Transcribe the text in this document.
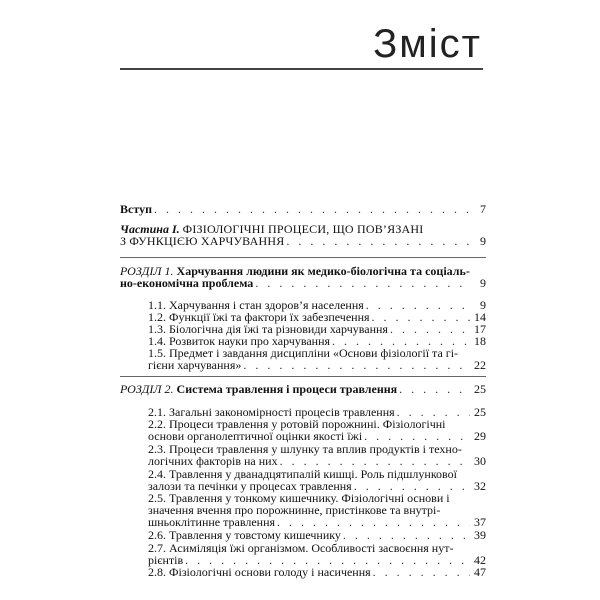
Зміст
Вступ . . .	7
Частина І. ФІЗІОЛОГІЧНІ ПРОЦЕСИ, ЩО ПОВ’ЯЗАНІ
З ФУНКЦІЄЮ ХАРЧУВАННЯ . . .	9
РОЗДІЛ 1. Харчування людини як медико-біологічна та соціаль-
но-економічна проблема . . .	9
1.1. Харчування і стан здоров’я населення . . .	9
1.2. Функції їжі та фактори їх забезпечення . . .	14
1.3. Біологічна дія їжі та різновиди харчування . . .	17
1.4. Розвиток науки про харчування . . .	18
1.5. Предмет і завдання дисципліни «Основи фізіології та гі-
гієни харчування» . . .	22
РОЗДІЛ 2. Система травлення і процеси травлення . . .	25
2.1. Загальні закономірності процесів травлення . . .	25
2.2. Процеси травлення у ротовій порожнині. Фізіологічні
основи органолептичної оцінки якості їжі . . .	29
2.3. Процеси травлення у шлунку та вплив продуктів і техно-
логічних факторів на них . . .	30
2.4. Травлення у дванадцятипалій кишці. Роль підшлункової
залози та печінки у процесах травлення . . .	32
2.5. Травлення у тонкому кишечнику. Фізіологічні основи і
значення вчення про порожнинне, пристінкове та внутрі-
шньоклітинне травлення . . .	37
2.6. Травлення у товстому кишечнику . . .	39
2.7. Асиміляція їжі організмом. Особливості засвоєння нут-
рієнтів . . .	42
2.8. Фізіологічні основи голоду і насичення . . .	47
